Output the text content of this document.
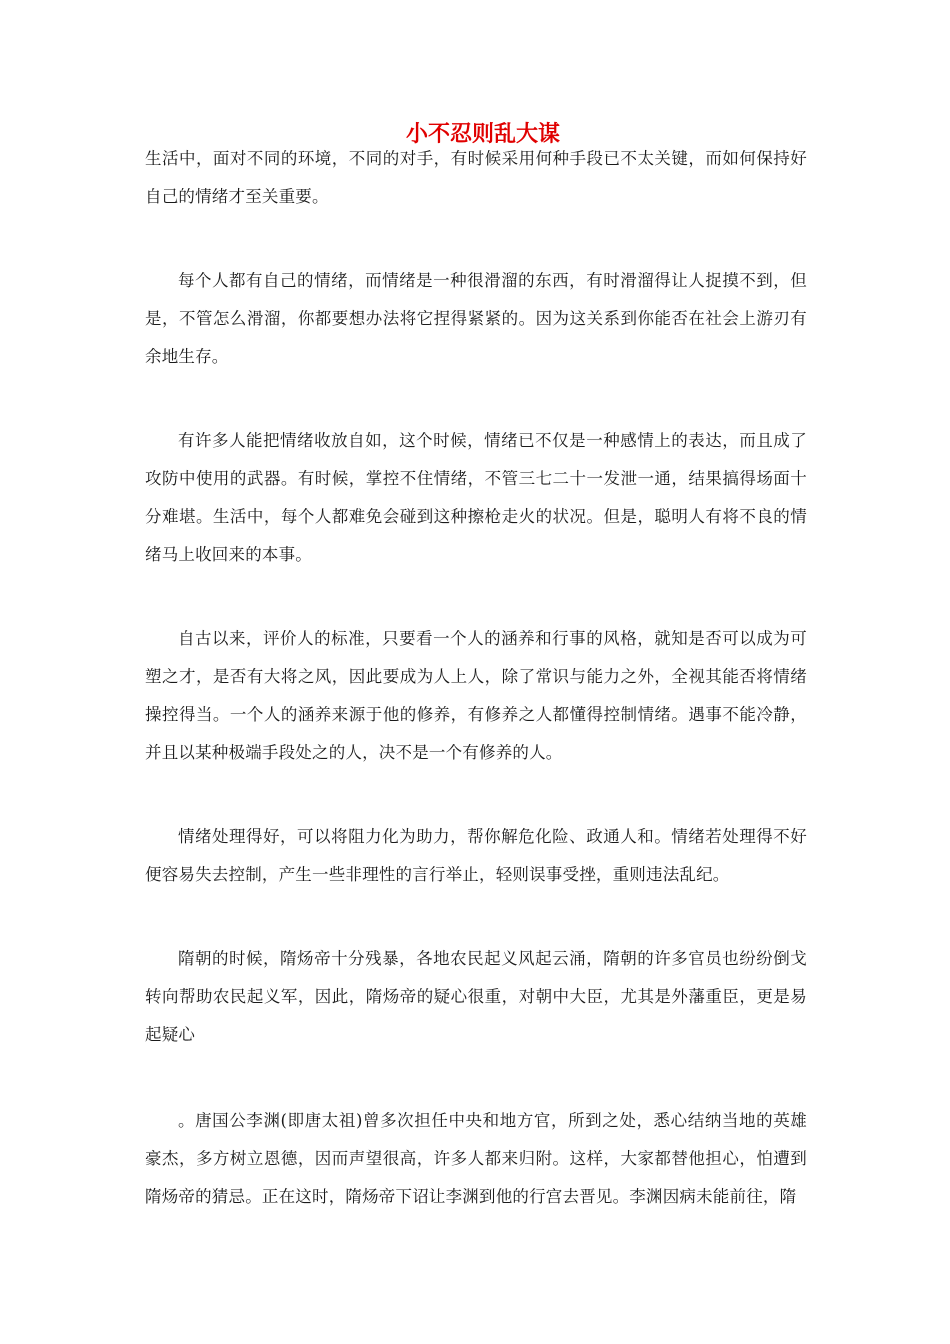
小不忍则乱大谋

生活中，面对不同的环境，不同的对手，有时候采用何种手段已不太关键，而如何保持好自己的情绪才至关重要。

每个人都有自己的情绪，而情绪是一种很滑溜的东西，有时滑溜得让人捉摸不到，但是，不管怎么滑溜，你都要想办法将它捏得紧紧的。因为这关系到你能否在社会上游刃有余地生存。

有许多人能把情绪收放自如，这个时候，情绪已不仅是一种感情上的表达，而且成了攻防中使用的武器。有时候，掌控不住情绪，不管三七二十一发泄一通，结果搞得场面十分难堪。生活中，每个人都难免会碰到这种擦枪走火的状况。但是，聪明人有将不良的情绪马上收回来的本事。

自古以来，评价人的标准，只要看一个人的涵养和行事的风格，就知是否可以成为可塑之才，是否有大将之风，因此要成为人上人，除了常识与能力之外，全视其能否将情绪操控得当。一个人的涵养来源于他的修养，有修养之人都懂得控制情绪。遇事不能冷静，并且以某种极端手段处之的人，决不是一个有修养的人。

情绪处理得好，可以将阻力化为助力，帮你解危化险、政通人和。情绪若处理得不好便容易失去控制，产生一些非理性的言行举止，轻则误事受挫，重则违法乱纪。

隋朝的时候，隋炀帝十分残暴，各地农民起义风起云涌，隋朝的许多官员也纷纷倒戈转向帮助农民起义军，因此，隋炀帝的疑心很重，对朝中大臣，尤其是外藩重臣，更是易起疑心

。唐国公李渊(即唐太祖)曾多次担任中央和地方官，所到之处，悉心结纳当地的英雄豪杰，多方树立恩德，因而声望很高，许多人都来归附。这样，大家都替他担心，怕遭到隋炀帝的猜忌。正在这时，隋炀帝下诏让李渊到他的行宫去晋见。李渊因病未能前往，隋
